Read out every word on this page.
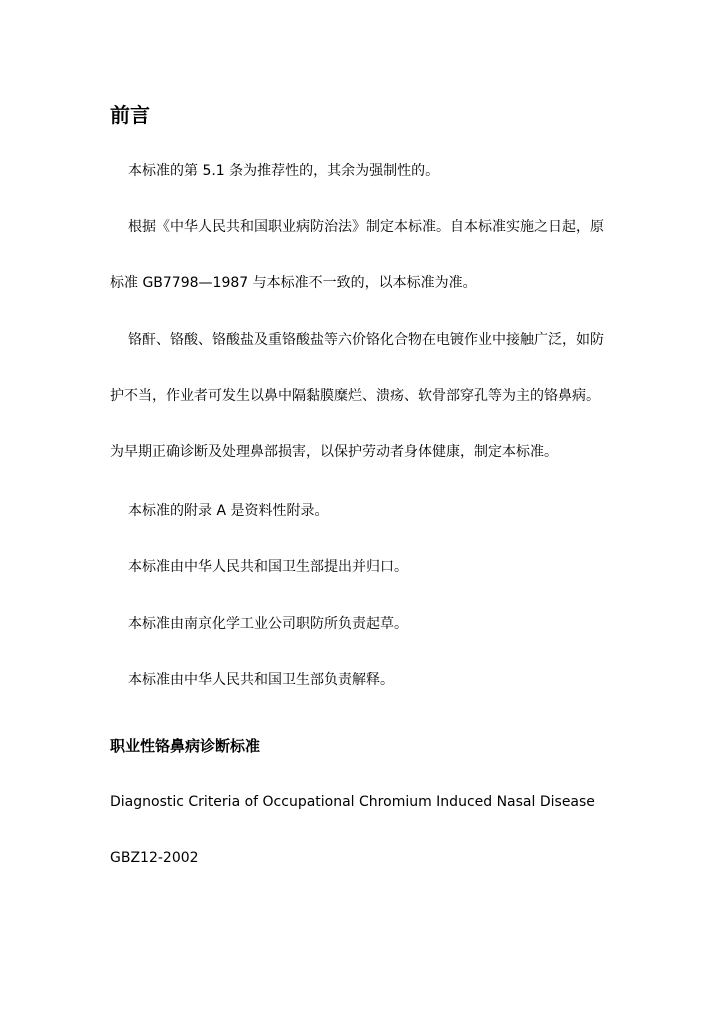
前言

本标准的第 5.1 条为推荐性的，其余为强制性的。

根据《中华人民共和国职业病防治法》制定本标准。自本标准实施之日起，原

标准 GB7798—1987 与本标准不一致的，以本标准为准。

铬酐、铬酸、铬酸盐及重铬酸盐等六价铬化合物在电镀作业中接触广泛，如防

护不当，作业者可发生以鼻中隔黏膜糜烂、溃疡、软骨部穿孔等为主的铬鼻病。

为早期正确诊断及处理鼻部损害，以保护劳动者身体健康，制定本标准。

本标准的附录 A 是资料性附录。

本标准由中华人民共和国卫生部提出并归口。

本标准由南京化学工业公司职防所负责起草。

本标准由中华人民共和国卫生部负责解释。

职业性铬鼻病诊断标准

Diagnostic Criteria of Occupational Chromium Induced Nasal Disease

GBZ12-2002
